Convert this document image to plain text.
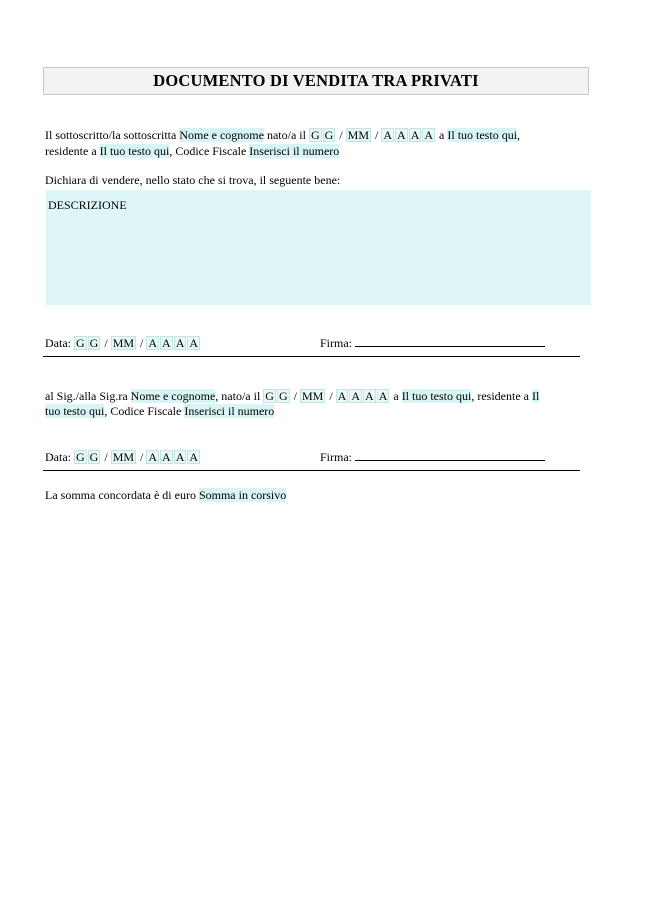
DOCUMENTO DI VENDITA TRA PRIVATI
Il sottoscritto/la sottoscritta Nome e cognome nato/a il G G / MM / A A A A a Il tuo testo qui,
residente a Il tuo testo qui, Codice Fiscale Inserisci il numero
Dichiara di vendere, nello stato che si trova, il seguente bene:
DESCRIZIONE
Data: G G / MM / A A A A	Firma:
al Sig./alla Sig.ra Nome e cognome, nato/a il G G / MM / A A A A a Il tuo testo qui, residente a Il
tuo testo qui, Codice Fiscale Inserisci il numero
Data: G G / MM / A A A A	Firma:
La somma concordata è di euro Somma in corsivo
